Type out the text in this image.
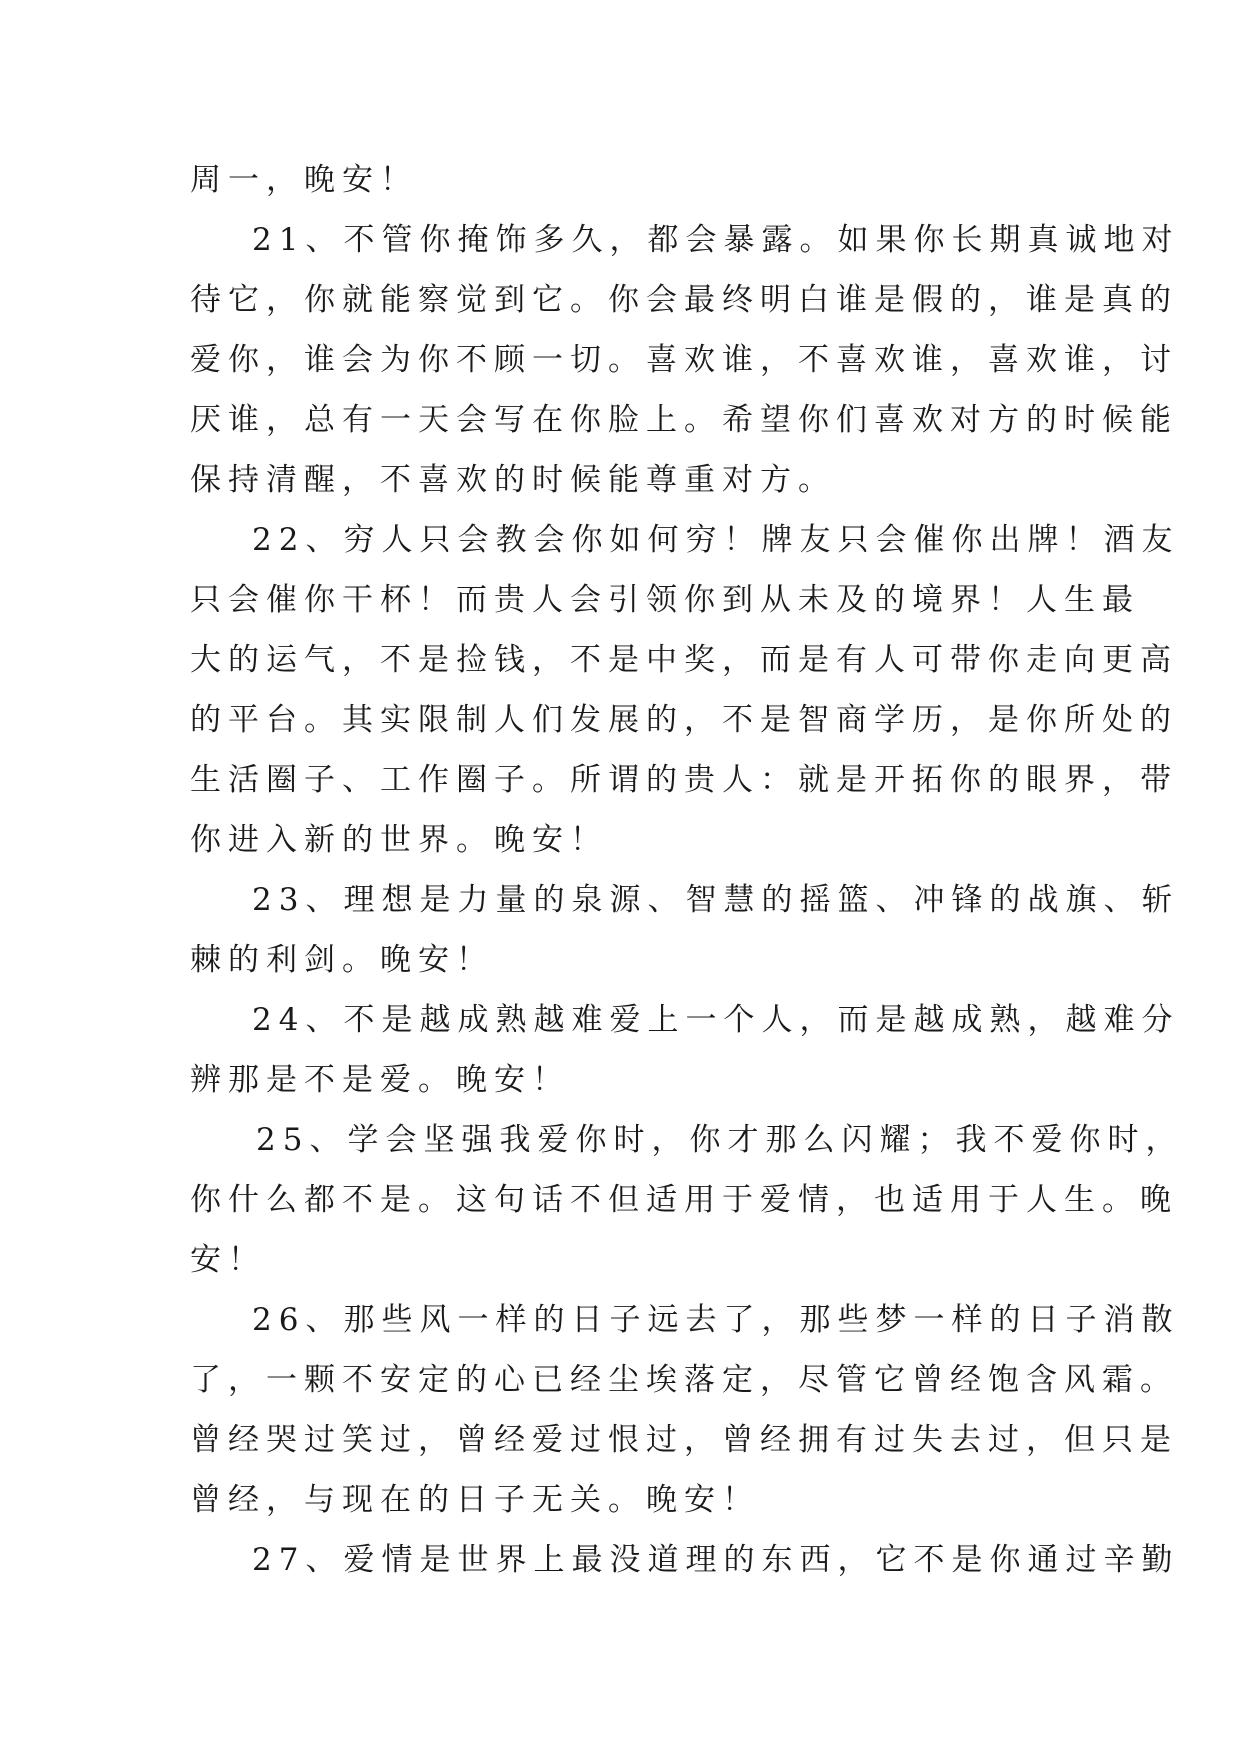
周一，晚安！
21、不管你掩饰多久，都会暴露。如果你长期真诚地对
待它，你就能察觉到它。你会最终明白谁是假的，谁是真的
爱你，谁会为你不顾一切。喜欢谁，不喜欢谁，喜欢谁，讨
厌谁，总有一天会写在你脸上。希望你们喜欢对方的时候能
保持清醒，不喜欢的时候能尊重对方。
22、穷人只会教会你如何穷！牌友只会催你出牌！酒友
只会催你干杯！而贵人会引领你到从未及的境界！人生最
大的运气，不是捡钱，不是中奖，而是有人可带你走向更高
的平台。其实限制人们发展的，不是智商学历，是你所处的
生活圈子、工作圈子。所谓的贵人：就是开拓你的眼界，带
你进入新的世界。晚安！
23、理想是力量的泉源、智慧的摇篮、冲锋的战旗、斩
棘的利剑。晚安！
24、不是越成熟越难爱上一个人，而是越成熟，越难分
辨那是不是爱。晚安！
25、学会坚强我爱你时，你才那么闪耀；我不爱你时，
你什么都不是。这句话不但适用于爱情，也适用于人生。晚
安！
26、那些风一样的日子远去了，那些梦一样的日子消散
了，一颗不安定的心已经尘埃落定，尽管它曾经饱含风霜。
曾经哭过笑过，曾经爱过恨过，曾经拥有过失去过，但只是
曾经，与现在的日子无关。晚安！
27、爱情是世界上最没道理的东西，它不是你通过辛勤
